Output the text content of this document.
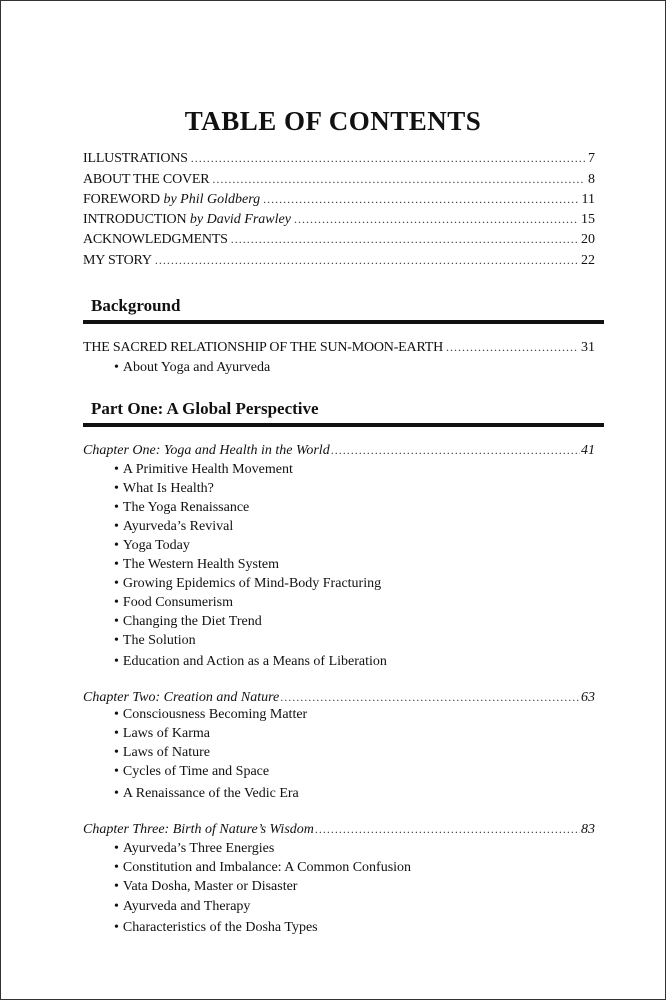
TABLE OF CONTENTS
ILLUSTRATIONS .....	7
ABOUT THE COVER .....	8
FOREWORD by Phil Goldberg .....	11
INTRODUCTION by David Frawley .....	15
ACKNOWLEDGMENTS .....	20
MY STORY .....	22
Background
THE SACRED RELATIONSHIP OF THE SUN-MOON-EARTH .....	31
• About Yoga and Ayurveda
Part One: A Global Perspective
Chapter One: Yoga and Health in the World .....	41
• A Primitive Health Movement
• What Is Health?
• The Yoga Renaissance
• Ayurveda’s Revival
• Yoga Today
• The Western Health System
• Growing Epidemics of Mind-Body Fracturing
• Food Consumerism
• Changing the Diet Trend
• The Solution
• Education and Action as a Means of Liberation
Chapter Two: Creation and Nature .....	63
• Consciousness Becoming Matter
• Laws of Karma
• Laws of Nature
• Cycles of Time and Space
• A Renaissance of the Vedic Era
Chapter Three: Birth of Nature’s Wisdom .....	83
• Ayurveda’s Three Energies
• Constitution and Imbalance: A Common Confusion
• Vata Dosha, Master or Disaster
• Ayurveda and Therapy
• Characteristics of the Dosha Types
